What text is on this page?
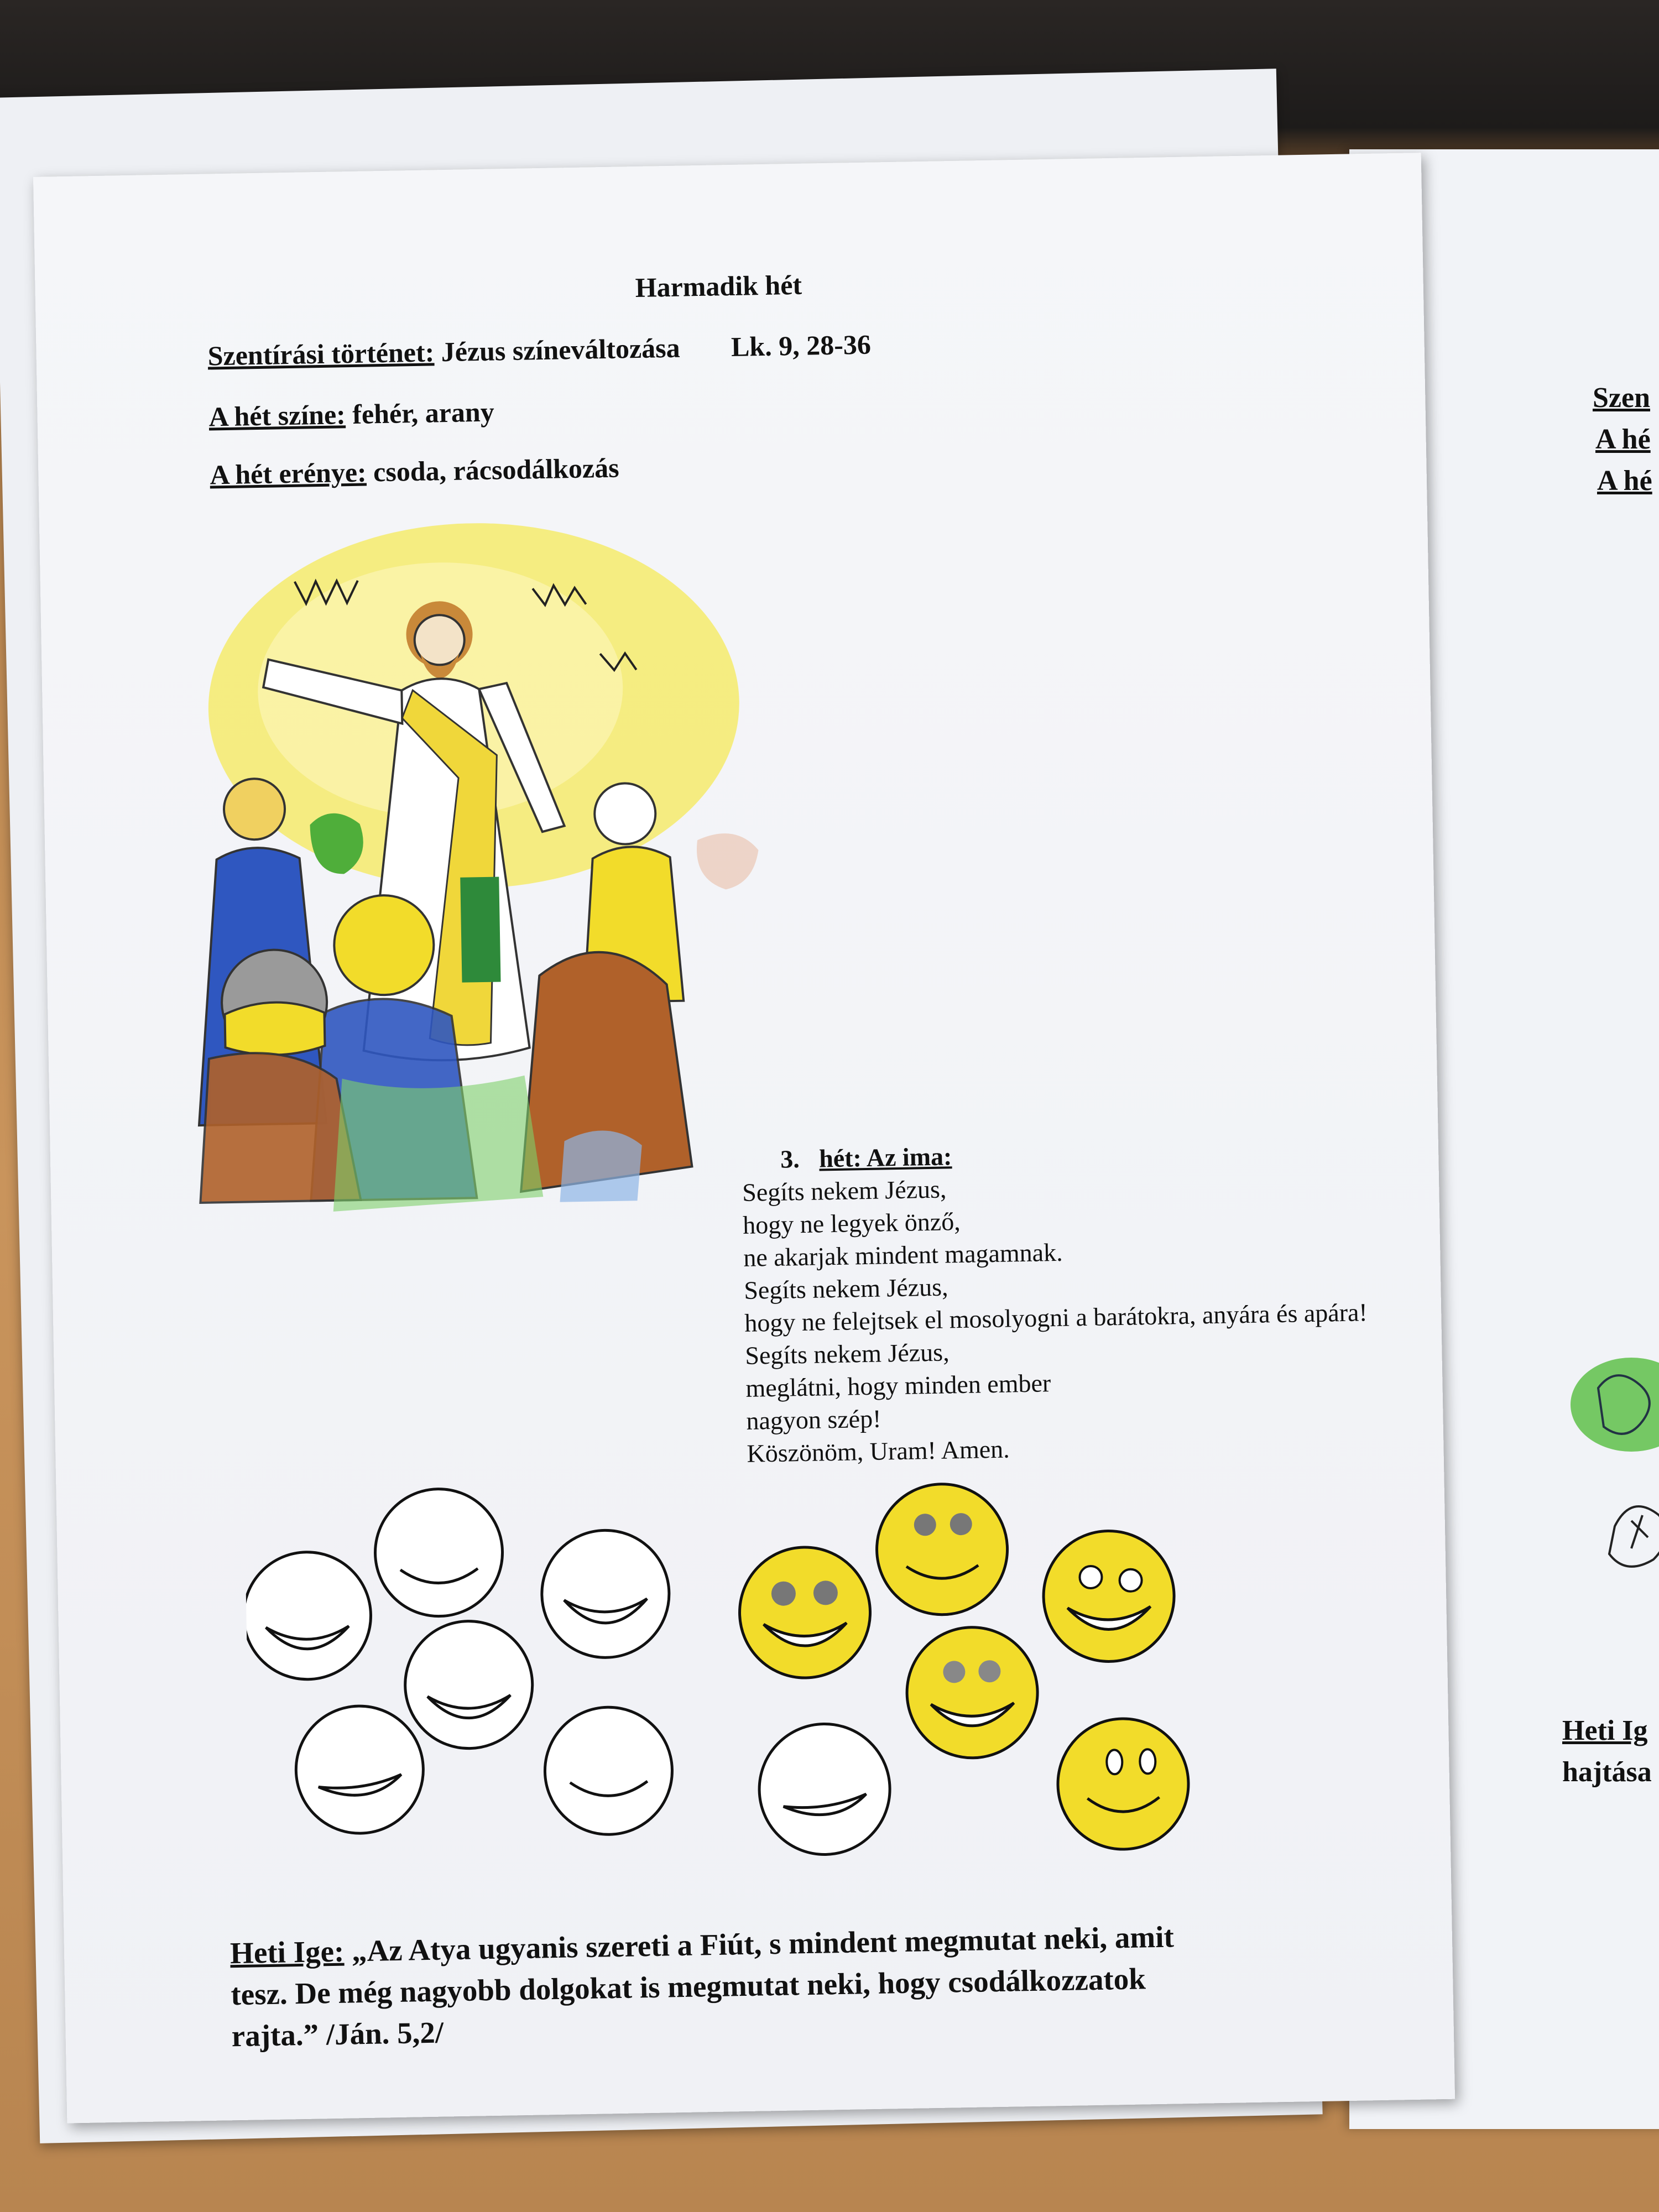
Szen
A hé
A hé
Heti Ig
hajtása
Harmadik hét
Szentírási történet: Jézus színeváltozása Lk. 9, 28-36
A hét színe: fehér, arany
A hét erénye: csoda, rácsodálkozás
3. hét: Az ima:
Segíts nekem Jézus,
hogy ne legyek önző,
ne akarjak mindent magamnak.
Segíts nekem Jézus,
hogy ne felejtsek el mosolyogni a barátokra, anyára és apára!
Segíts nekem Jézus,
meglátni, hogy minden ember
nagyon szép!
Köszönöm, Uram! Amen.
Heti Ige: „Az Atya ugyanis szereti a Fiút, s mindent megmutat neki, amit
tesz. De még nagyobb dolgokat is megmutat neki, hogy csodálkozzatok
rajta.” /Ján. 5,2/
